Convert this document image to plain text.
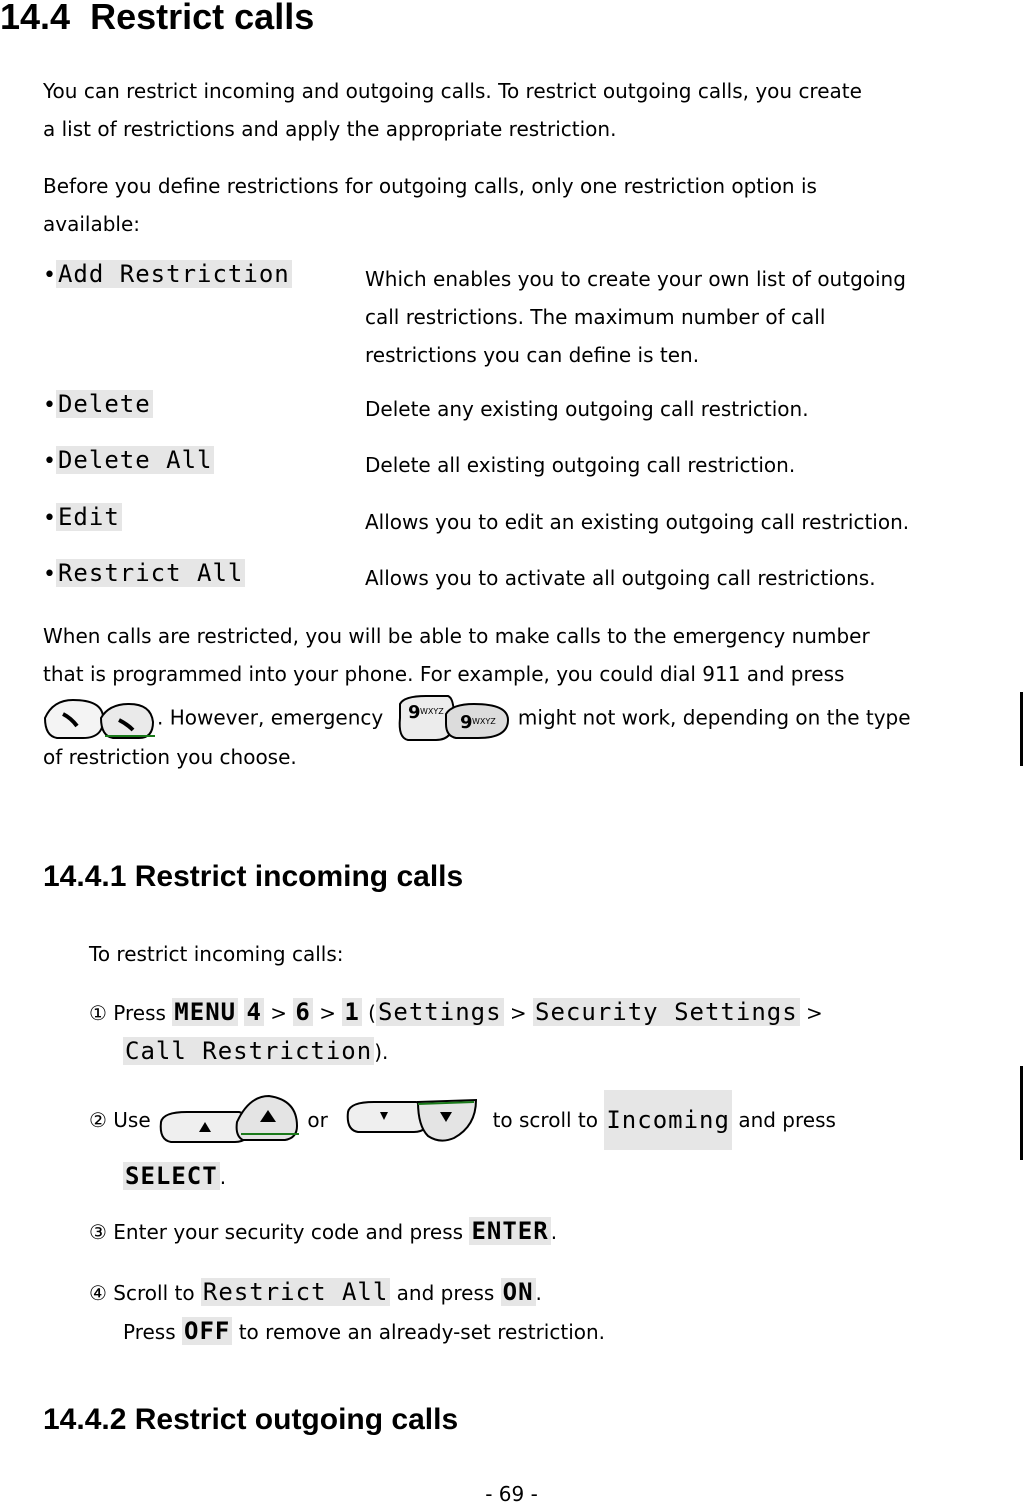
14.4 Restrict calls
You can restrict incoming and outgoing calls. To restrict outgoing calls, you create
a list of restrictions and apply the appropriate restriction.
Before you define restrictions for outgoing calls, only one restriction option is
available:
•Add Restriction	Which enables you to create your own list of outgoing
call restrictions. The maximum number of call
restrictions you can define is ten.
•Delete	Delete any existing outgoing call restriction.
•Delete All	Delete all existing outgoing call restriction.
•Edit	Allows you to edit an existing outgoing call restriction.
•Restrict All	Allows you to activate all outgoing call restrictions.
When calls are restricted, you will be able to make calls to the emergency number
that is programmed into your phone. For example, you could dial 911 and press
. However, emergency 9 WXYZ
9 WXYZ might not work, depending on the type
of restriction you choose.
14.4.1 Restrict incoming calls
To restrict incoming calls:
① Press MENU 4 > 6 > 1 (Settings > Security Settings >
Call Restriction ).
② Use	or	to scroll to Incoming and press
SELECT .
③ Enter your security code and press ENTER .
④ Scroll to Restrict All and press ON .
Press OFF to remove an already-set restriction.
14.4.2 Restrict outgoing calls
- 69 -
